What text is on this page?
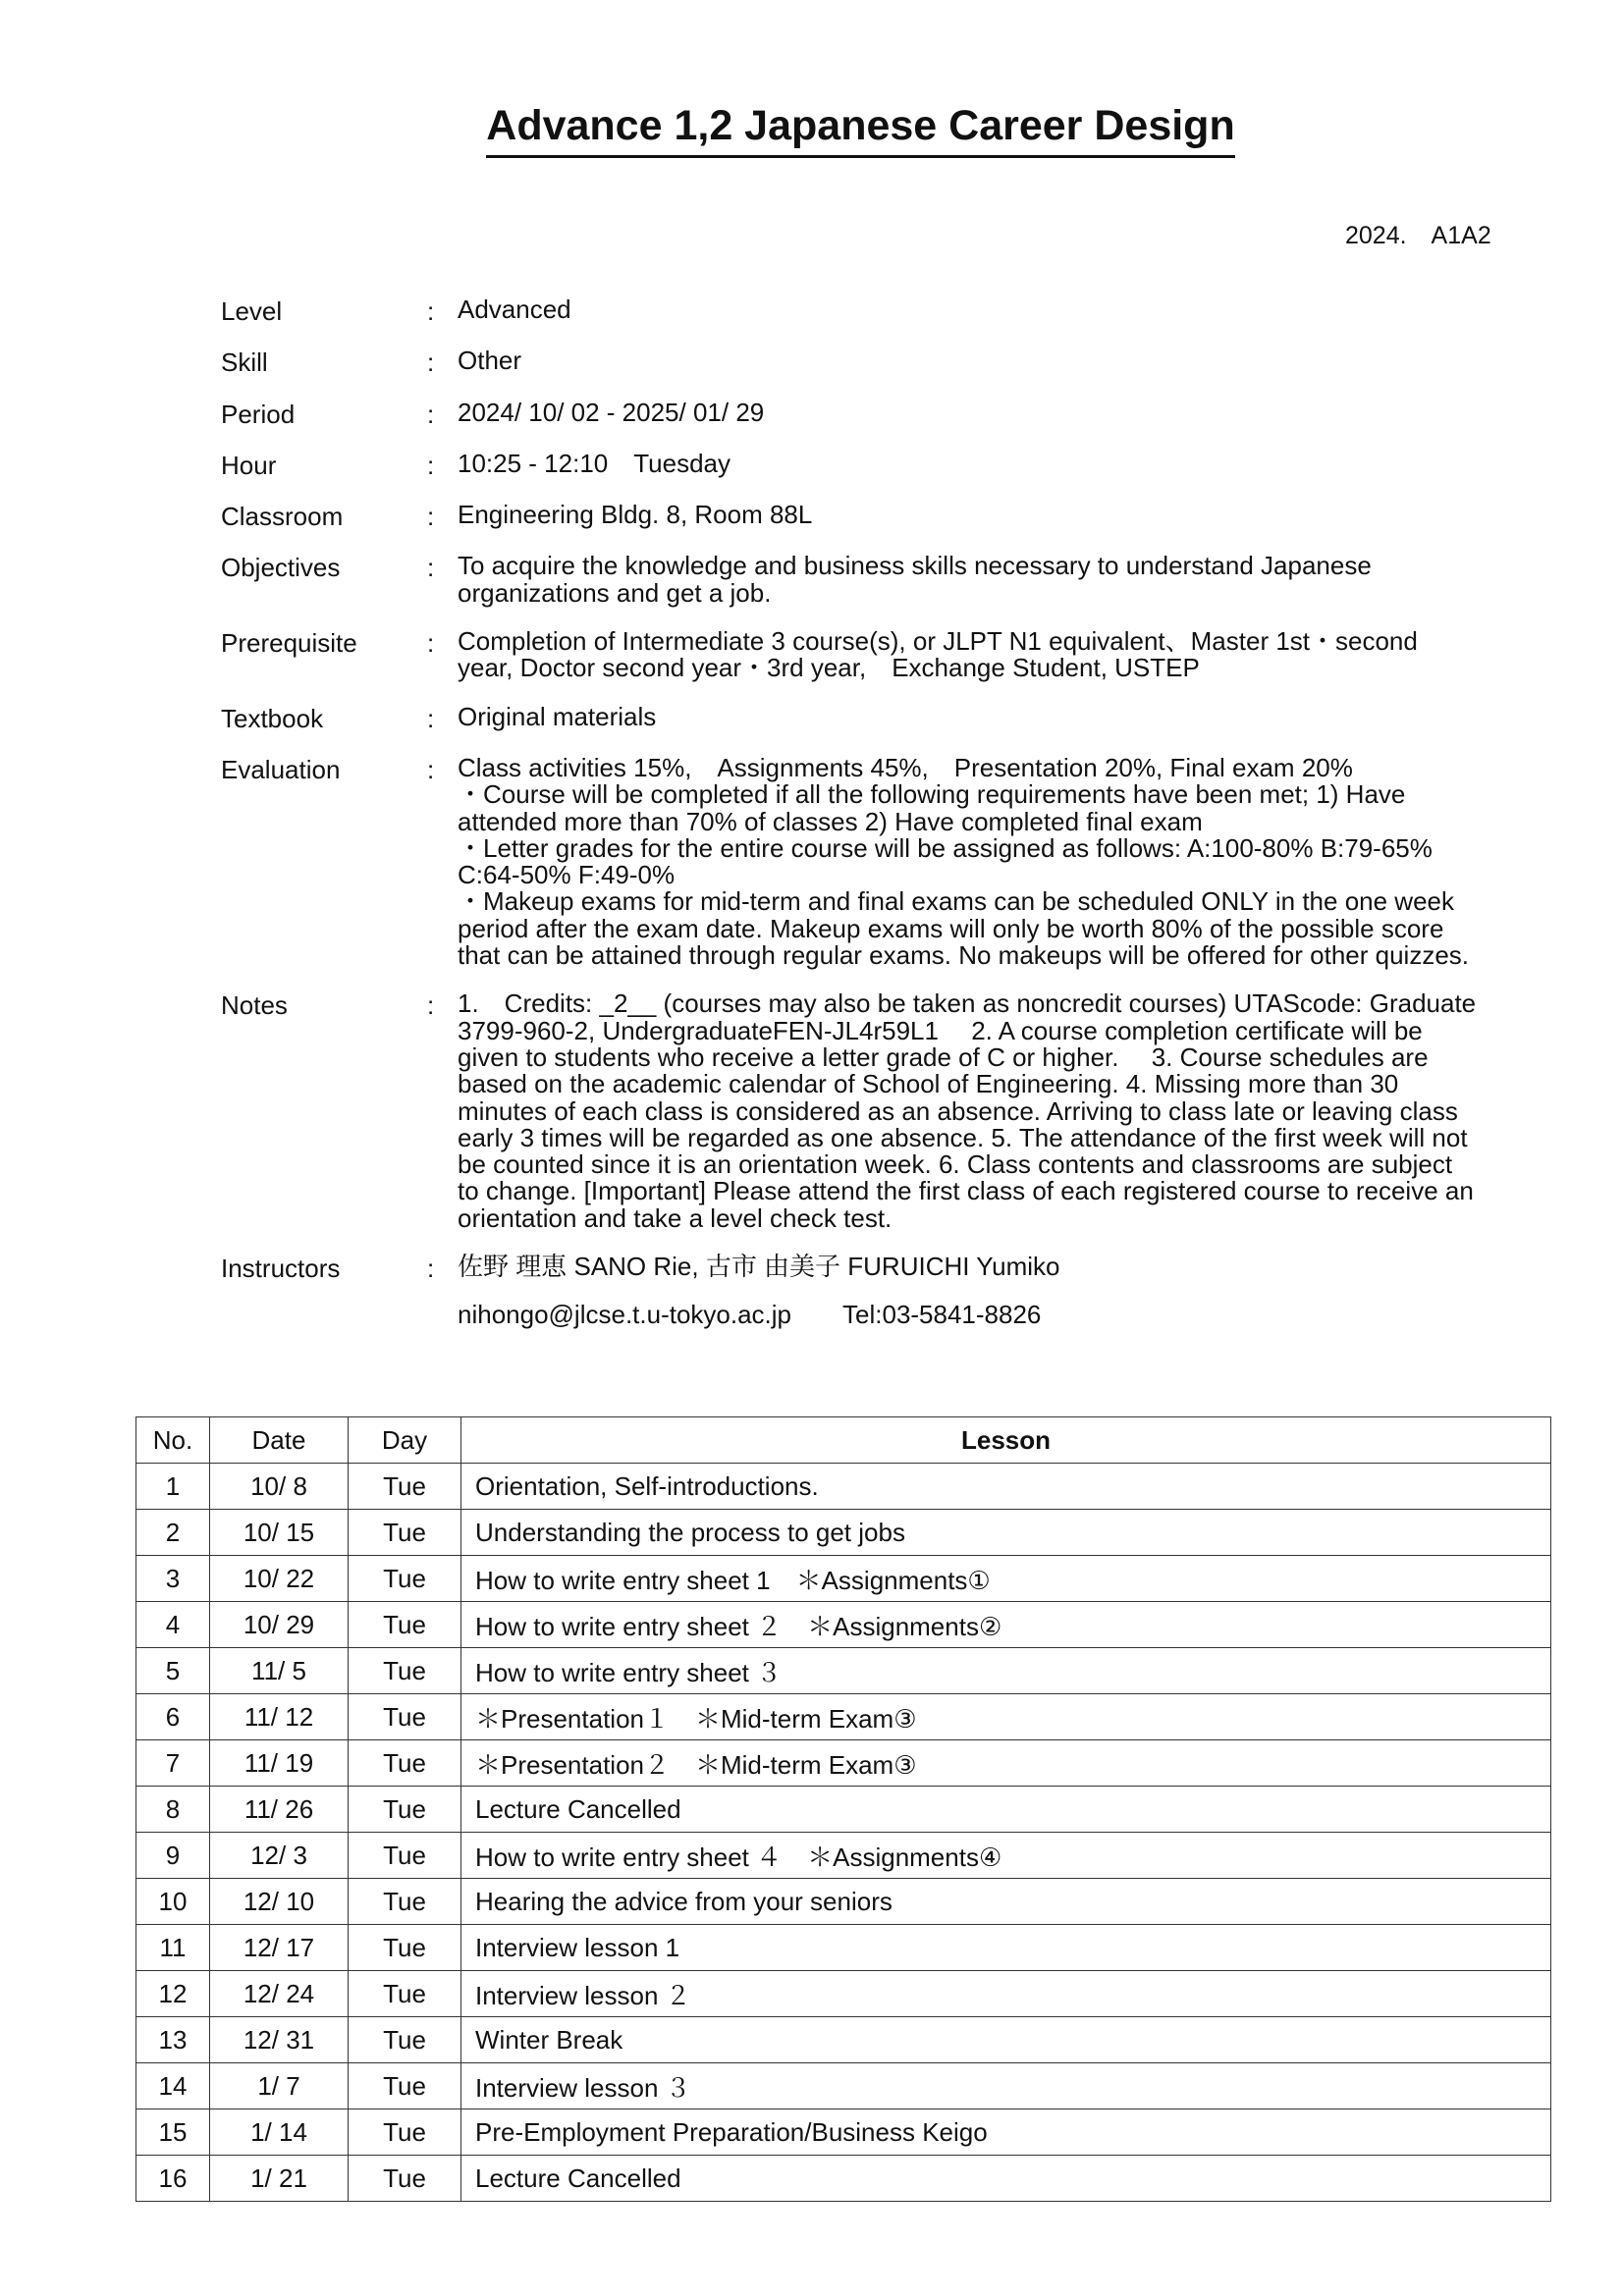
Advance 1,2 Japanese Career Design
2024.　A1A2
Level	:	Advanced
Skill	:	Other
Period	:	2024/ 10/ 02 - 2025/ 01/ 29
Hour	:	10:25 - 12:10　Tuesday
Classroom	:	Engineering Bldg. 8, Room 88L
Objectives	:	To acquire the knowledge and business skills necessary to understand Japanese organizations and get a job.
Prerequisite	:	Completion of Intermediate 3 course(s), or JLPT N1 equivalent、Master 1st・second year, Doctor second year・3rd year,　Exchange Student, USTEP
Textbook	:	Original materials
Evaluation	:	Class activities 15%,　Assignments 45%,　Presentation 20%, Final exam 20%
・Course will be completed if all the following requirements have been met; 1) Have attended more than 70% of classes 2) Have completed final exam
・Letter grades for the entire course will be assigned as follows: A:100-80% B:79-65% C:64-50% F:49-0%
・Makeup exams for mid-term and final exams can be scheduled ONLY in the one week period after the exam date. Makeup exams will only be worth 80% of the possible score that can be attained through regular exams. No makeups will be offered for other quizzes.

Notes	:	1.　Credits: _2__ (courses may also be taken as noncredit courses) UTAScode: Graduate 3799-960-2, UndergraduateFEN-JL4r59L1　 2. A course completion certificate will be given to students who receive a letter grade of C or higher.　 3. Course schedules are based on the academic calendar of School of Engineering. 4. Missing more than 30 minutes of each class is considered as an absence. Arriving to class late or leaving class early 3 times will be regarded as one absence. 5. The attendance of the first week will not be counted since it is an orientation week. 6. Class contents and classrooms are subject to change. [Important] Please attend the first class of each registered course to receive an orientation and take a level check test.
Instructors	:	佐野 理恵 SANO Rie, 古市 由美子 FURUICHI Yumiko
nihongo@jlcse.t.u-tokyo.ac.jp　　Tel:03-5841-8826
No.	Date	Day	Lesson
1	10/ 8	Tue	Orientation, Self-introductions.
2	10/ 15	Tue	Understanding the process to get jobs
3	10/ 22	Tue	How to write entry sheet 1　＊Assignments①
4	10/ 29	Tue	How to write entry sheet ２　＊Assignments②
5	11/ 5	Tue	How to write entry sheet ３
6	11/ 12	Tue	＊Presentation１　＊Mid-term Exam③
7	11/ 19	Tue	＊Presentation２　＊Mid-term Exam③
8	11/ 26	Tue	Lecture Cancelled
9	12/ 3	Tue	How to write entry sheet ４　＊Assignments④
10	12/ 10	Tue	Hearing the advice from your seniors
11	12/ 17	Tue	Interview lesson 1
12	12/ 24	Tue	Interview lesson ２
13	12/ 31	Tue	Winter Break
14	1/ 7	Tue	Interview lesson ３
15	1/ 14	Tue	Pre-Employment Preparation/Business Keigo
16	1/ 21	Tue	Lecture Cancelled
